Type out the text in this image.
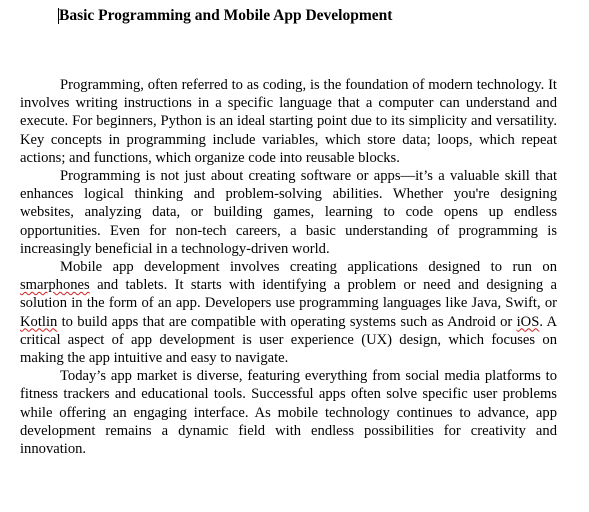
Basic Programming and Mobile App Development

Programming, often referred to as coding, is the foundation of modern technology. It involves writing instructions in a specific language that a computer can understand and execute. For beginners, Python is an ideal starting point due to its simplicity and versatility. Key concepts in programming include variables, which store data; loops, which repeat actions; and functions, which organize code into reusable blocks.

Programming is not just about creating software or apps—it’s a valuable skill that enhances logical thinking and problem-solving abilities. Whether you're designing websites, analyzing data, or building games, learning to code opens up endless opportunities. Even for non-tech careers, a basic understanding of programming is increasingly beneficial in a technology-driven world.

Mobile app development involves creating applications designed to run on smarphones and tablets. It starts with identifying a problem or need and designing a solution in the form of an app. Developers use programming languages like Java, Swift, or Kotlin to build apps that are compatible with operating systems such as Android or iOS. A critical aspect of app development is user experience (UX) design, which focuses on making the app intuitive and easy to navigate.

Today’s app market is diverse, featuring everything from social media platforms to fitness trackers and educational tools. Successful apps often solve specific user problems while offering an engaging interface. As mobile technology continues to advance, app development remains a dynamic field with endless possibilities for creativity and innovation.
